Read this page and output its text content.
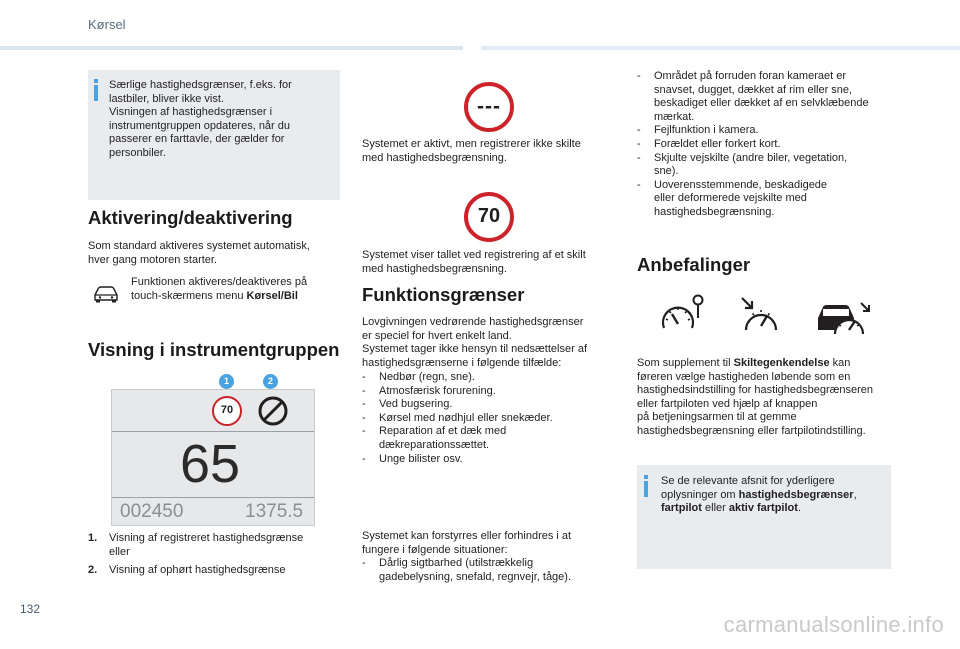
Kørsel
Særlige hastighedsgrænser, f.eks. for
lastbiler, bliver ikke vist.
Visningen af hastighedsgrænser i
instrumentgruppen opdateres, når du
passerer en farttavle, der gælder for
personbiler.
Aktivering/deaktivering
Som standard aktiveres systemet automatisk,
hver gang motoren starter.
Funktionen aktiveres/deaktiveres på
touch-skærmens menu Kørsel/Bil
Visning i instrumentgruppen
1	2
70
65
002450	1375.5
1. Visning af registreret hastighedsgrænse
eller
2.	Visning af ophørt hastighedsgrænse
---
Systemet er aktivt, men registrerer ikke skilte
med hastighedsbegrænsning.
70
Systemet viser tallet ved registrering af et skilt
med hastighedsbegrænsning.
Funktionsgrænser
Lovgivningen vedrørende hastighedsgrænser
er speciel for hvert enkelt land.
Systemet tager ikke hensyn til nedsættelser af
hastighedsgrænserne i følgende tilfælde:
- Nedbør (regn, sne).
- Atmosfærisk forurening.
- Ved bugsering.
- Kørsel med nødhjul eller snekæder.
- Reparation af et dæk med
dækreparationssættet.
- Unge bilister osv.
Systemet kan forstyrres eller forhindres i at
fungere i følgende situationer:
- Dårlig sigtbarhed (utilstrækkelig
gadebelysning, snefald, regnvejr, tåge).
- Området på forruden foran kameraet er
snavset, dugget, dækket af rim eller sne,
beskadiget eller dækket af en selvklæbende
mærkat.
- Fejlfunktion i kamera.
- Forældet eller forkert kort.
- Skjulte vejskilte (andre biler, vegetation,
sne).
- Uoverensstemmende, beskadigede
eller deformerede vejskilte med
hastighedsbegrænsning.
Anbefalinger
Som supplement til Skiltegenkendelse kan
føreren vælge hastigheden løbende som en
hastighedsindstilling for hastighedsbegrænseren
eller fartpiloten ved hjælp af knappen
på betjeningsarmen til at gemme
hastighedsbegrænsning eller fartpilotindstilling.
Se de relevante afsnit for yderligere
oplysninger om hastighedsbegrænser,
fartpilot eller aktiv fartpilot.
132
carmanualsonline.info
